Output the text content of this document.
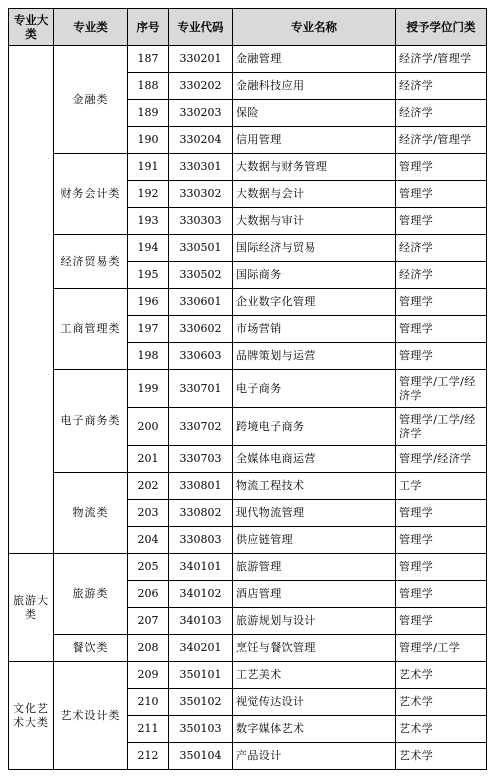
专业大类	专业类	序号	专业代码	专业名称	授予学位门类
	金融类	187	330201	金融管理	经济学/管理学
		188	330202	金融科技应用	经济学
		189	330203	保险	经济学
		190	330204	信用管理	经济学/管理学
	财务会计类	191	330301	大数据与财务管理	管理学
		192	330302	大数据与会计	管理学
		193	330303	大数据与审计	管理学
	经济贸易类	194	330501	国际经济与贸易	经济学
		195	330502	国际商务	经济学
	工商管理类	196	330601	企业数字化管理	管理学
		197	330602	市场营销	管理学
		198	330603	品牌策划与运营	管理学
	电子商务类	199	330701	电子商务	管理学/工学/经济学
		200	330702	跨境电子商务	管理学/工学/经济学
		201	330703	全媒体电商运营	管理学/经济学
	物流类	202	330801	物流工程技术	工学
		203	330802	现代物流管理	管理学
		204	330803	供应链管理	管理学
旅游大类	旅游类	205	340101	旅游管理	管理学
		206	340102	酒店管理	管理学
		207	340103	旅游规划与设计	管理学
	餐饮类	208	340201	烹饪与餐饮管理	管理学/工学
文化艺术大类	艺术设计类	209	350101	工艺美术	艺术学
		210	350102	视觉传达设计	艺术学
		211	350103	数字媒体艺术	艺术学
		212	350104	产品设计	艺术学
